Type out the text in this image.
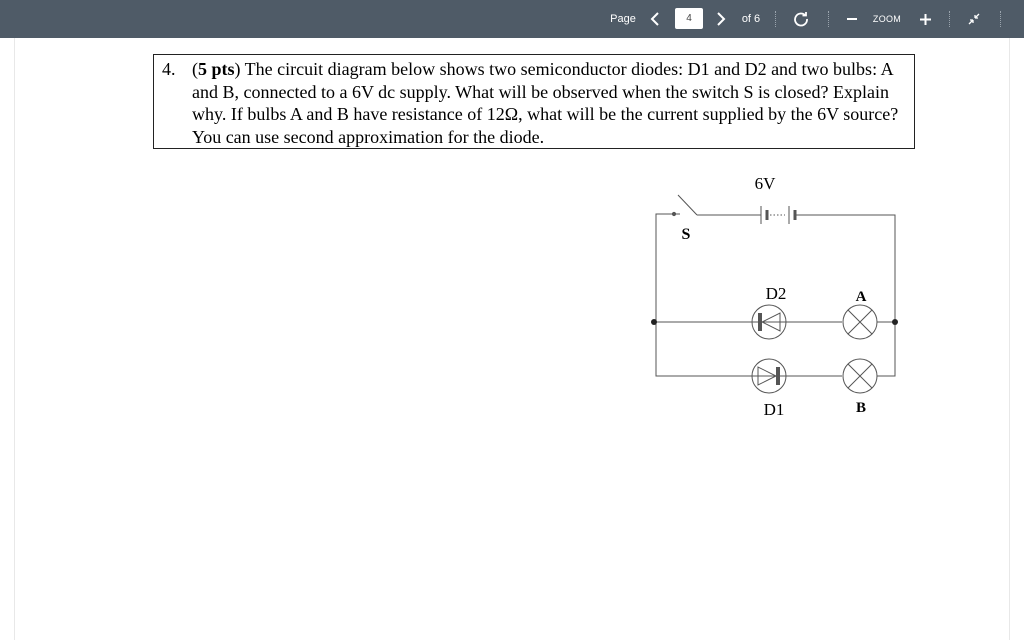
Page
4	of 6	ZOOM
4. (5 pts) The circuit diagram below shows two semiconductor diodes: D1 and D2 and two bulbs: A and B, connected to a 6V dc supply. What will be observed when the switch S is closed? Explain why. If bulbs A and B have resistance of 12Ω, what will be the current supplied by the 6V source? You can use second approximation for the diode.
6V
S
D2
D1
A
B
